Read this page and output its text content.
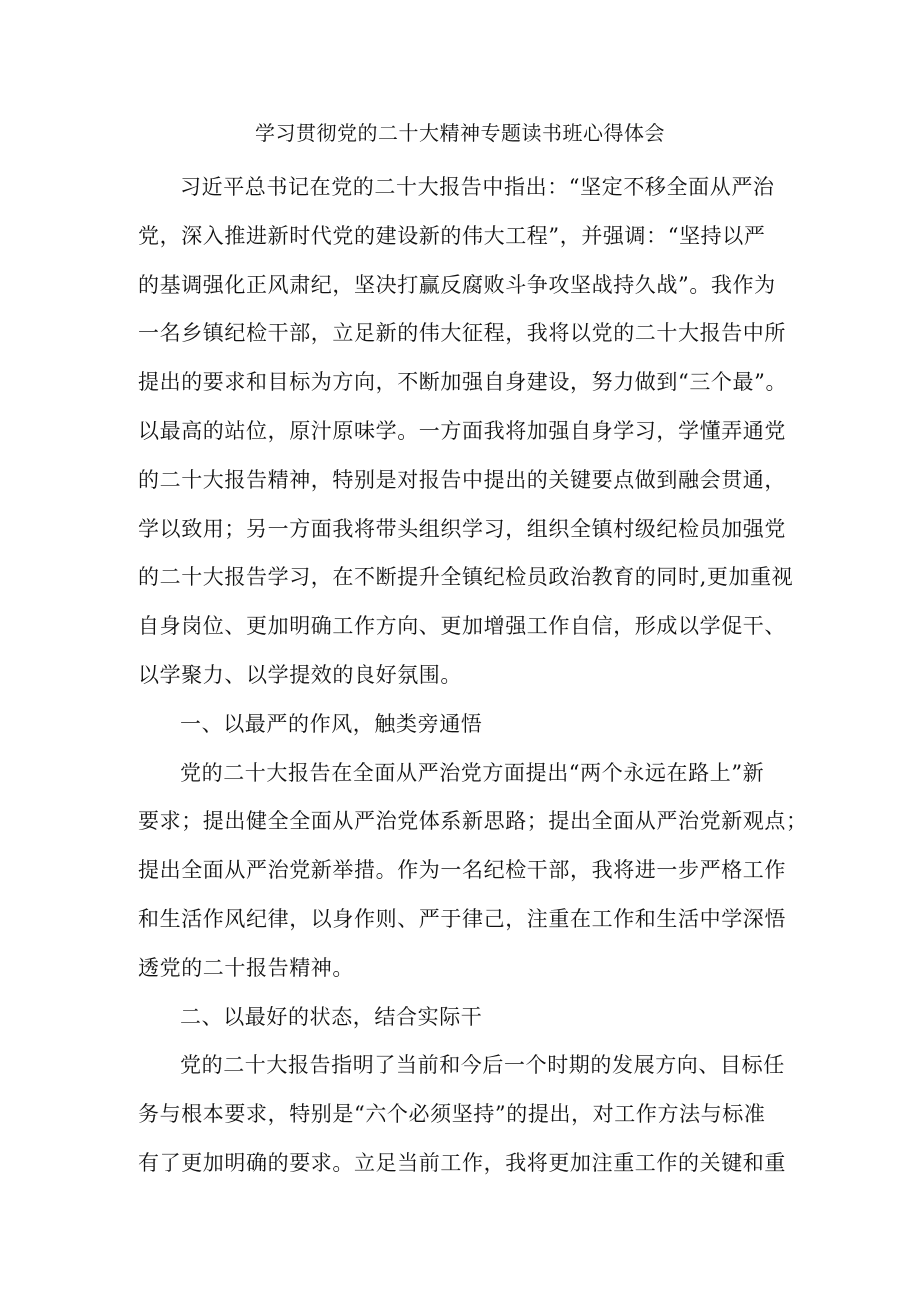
学习贯彻党的二十大精神专题读书班心得体会
习近平总书记在党的二十大报告中指出：“坚定不移全面从严治
党，深入推进新时代党的建设新的伟大工程”，并强调：“坚持以严
的基调强化正风肃纪，坚决打赢反腐败斗争攻坚战持久战”。我作为
一名乡镇纪检干部，立足新的伟大征程，我将以党的二十大报告中所
提出的要求和目标为方向，不断加强自身建设，努力做到“三个最”。
以最高的站位，原汁原味学。一方面我将加强自身学习，学懂弄通党
的二十大报告精神，特别是对报告中提出的关键要点做到融会贯通，
学以致用；另一方面我将带头组织学习，组织全镇村级纪检员加强党
的二十大报告学习，在不断提升全镇纪检员政治教育的同时,更加重视
自身岗位、更加明确工作方向、更加增强工作自信，形成以学促干、
以学聚力、以学提效的良好氛围。
一、以最严的作风，触类旁通悟
党的二十大报告在全面从严治党方面提出“两个永远在路上”新
要求；提出健全全面从严治党体系新思路；提出全面从严治党新观点；
提出全面从严治党新举措。作为一名纪检干部，我将进一步严格工作
和生活作风纪律，以身作则、严于律己，注重在工作和生活中学深悟
透党的二十报告精神。
二、以最好的状态，结合实际干
党的二十大报告指明了当前和今后一个时期的发展方向、目标任
务与根本要求，特别是“六个必须坚持”的提出，对工作方法与标准
有了更加明确的要求。立足当前工作，我将更加注重工作的关键和重
